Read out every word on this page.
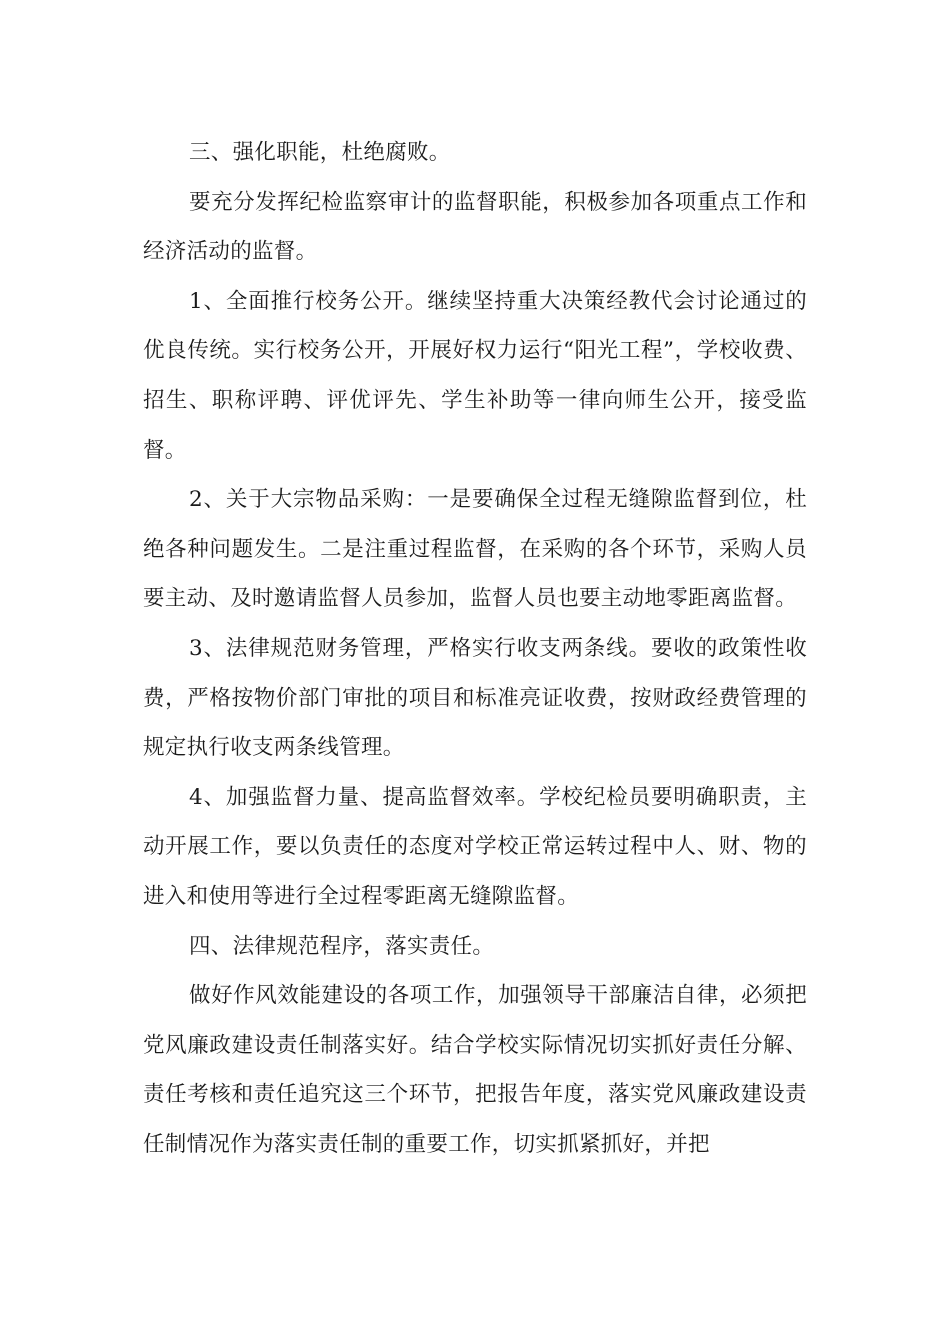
三、强化职能，杜绝腐败。

要充分发挥纪检监察审计的监督职能，积极参加各项重点工作和经济活动的监督。

1、全面推行校务公开。继续坚持重大决策经教代会讨论通过的优良传统。实行校务公开，开展好权力运行“阳光工程”，学校收费、招生、职称评聘、评优评先、学生补助等一律向师生公开，接受监督。

2、关于大宗物品采购：一是要确保全过程无缝隙监督到位，杜绝各种问题发生。二是注重过程监督，在采购的各个环节，采购人员要主动、及时邀请监督人员参加，监督人员也要主动地零距离监督。

3、法律规范财务管理，严格实行收支两条线。要收的政策性收费，严格按物价部门审批的项目和标准亮证收费，按财政经费管理的规定执行收支两条线管理。

4、加强监督力量、提高监督效率。学校纪检员要明确职责，主动开展工作，要以负责任的态度对学校正常运转过程中人、财、物的进入和使用等进行全过程零距离无缝隙监督。

四、法律规范程序，落实责任。

做好作风效能建设的各项工作，加强领导干部廉洁自律，必须把党风廉政建设责任制落实好。结合学校实际情况切实抓好责任分解、责任考核和责任追究这三个环节，把报告年度，落实党风廉政建设责任制情况作为落实责任制的重要工作，切实抓紧抓好，并把
